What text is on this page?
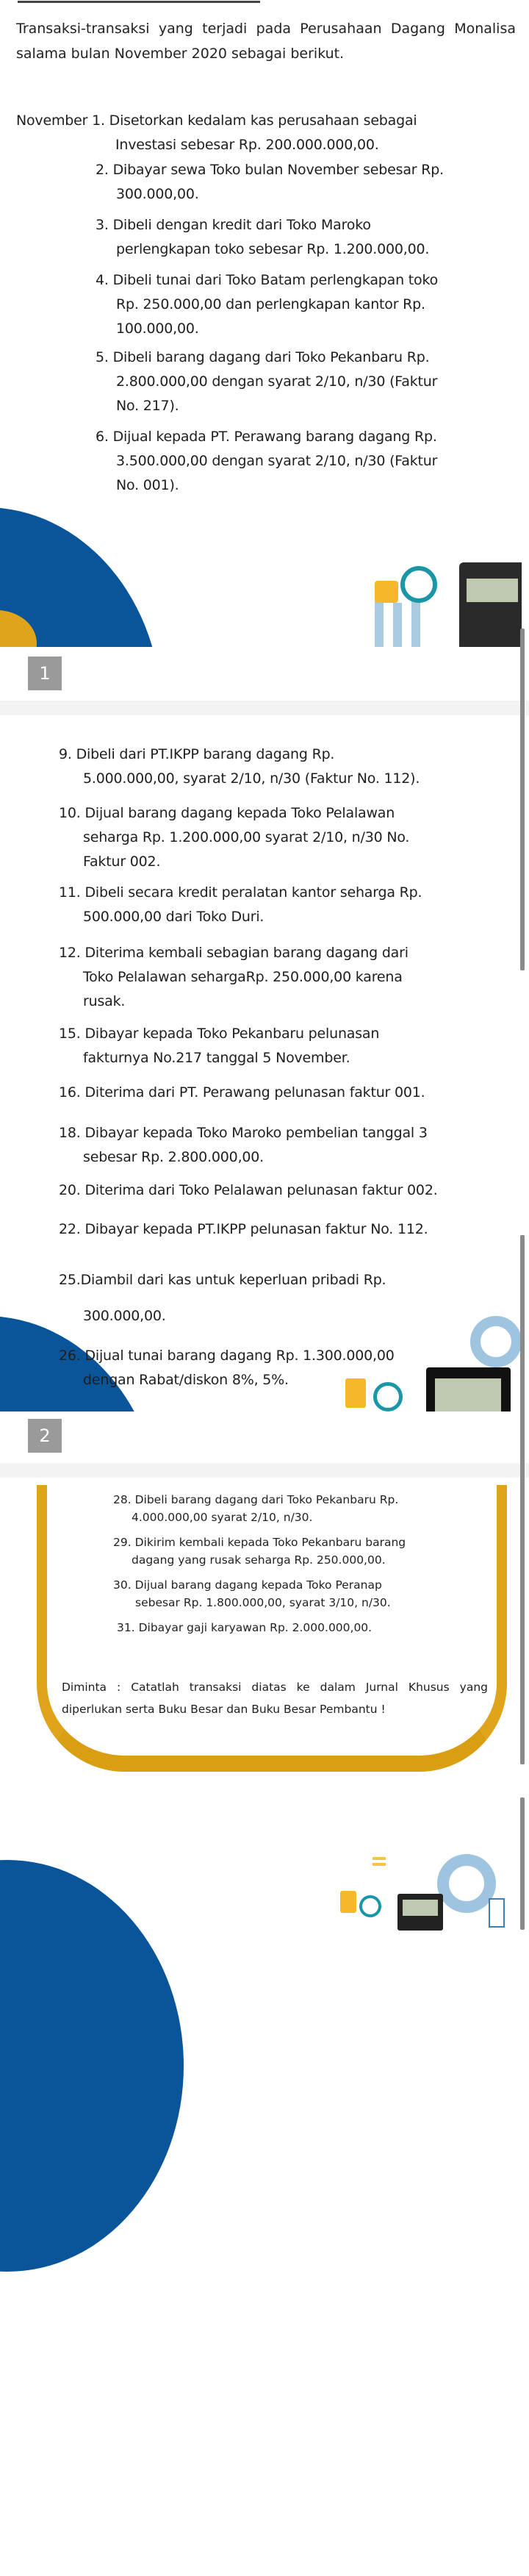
Transaksi-transaksi yang terjadi pada Perusahaan Dagang Monalisa salama bulan November 2020 sebagai berikut.

November 1. Disetorkan kedalam kas perusahaan sebagai

Investasi sebesar Rp. 200.000.000,00.

2. Dibayar sewa Toko bulan November sebesar Rp.

300.000,00.

3. Dibeli dengan kredit dari Toko Maroko

perlengkapan toko sebesar Rp. 1.200.000,00.

4. Dibeli tunai dari Toko Batam perlengkapan toko

Rp. 250.000,00 dan perlengkapan kantor Rp.

100.000,00.

5. Dibeli barang dagang dari Toko Pekanbaru Rp.

2.800.000,00 dengan syarat 2/10, n/30 (Faktur

No. 217).

6. Dijual kepada PT. Perawang barang dagang Rp.

3.500.000,00 dengan syarat 2/10, n/30 (Faktur

No. 001).

1

9. Dibeli dari PT.IKPP barang dagang Rp.

5.000.000,00, syarat 2/10, n/30 (Faktur No. 112).

10. Dijual barang dagang kepada Toko Pelalawan

seharga Rp. 1.200.000,00 syarat 2/10, n/30 No.

Faktur 002.

11. Dibeli secara kredit peralatan kantor seharga Rp.

500.000,00 dari Toko Duri.

12. Diterima kembali sebagian barang dagang dari

Toko Pelalawan sehargaRp. 250.000,00 karena

rusak.

15. Dibayar kepada Toko Pekanbaru pelunasan

fakturnya No.217 tanggal 5 November.

16. Diterima dari PT. Perawang pelunasan faktur 001.

18. Dibayar kepada Toko Maroko pembelian tanggal 3

sebesar Rp. 2.800.000,00.

20. Diterima dari Toko Pelalawan pelunasan faktur 002.

22. Dibayar kepada PT.IKPP pelunasan faktur No. 112.

25.Diambil dari kas untuk keperluan pribadi Rp.

300.000,00.

26. Dijual tunai barang dagang Rp. 1.300.000,00

dengan Rabat/diskon 8%, 5%.

2

28. Dibeli barang dagang dari Toko Pekanbaru Rp.

4.000.000,00 syarat 2/10, n/30.

29. Dikirim kembali kepada Toko Pekanbaru barang

dagang yang rusak seharga Rp. 250.000,00.

30. Dijual barang dagang kepada Toko Peranap

sebesar Rp. 1.800.000,00, syarat 3/10, n/30.

31. Dibayar gaji karyawan Rp. 2.000.000,00.

Diminta : Catatlah transaksi diatas ke dalam Jurnal Khusus yang diperlukan serta Buku Besar dan Buku Besar Pembantu !
